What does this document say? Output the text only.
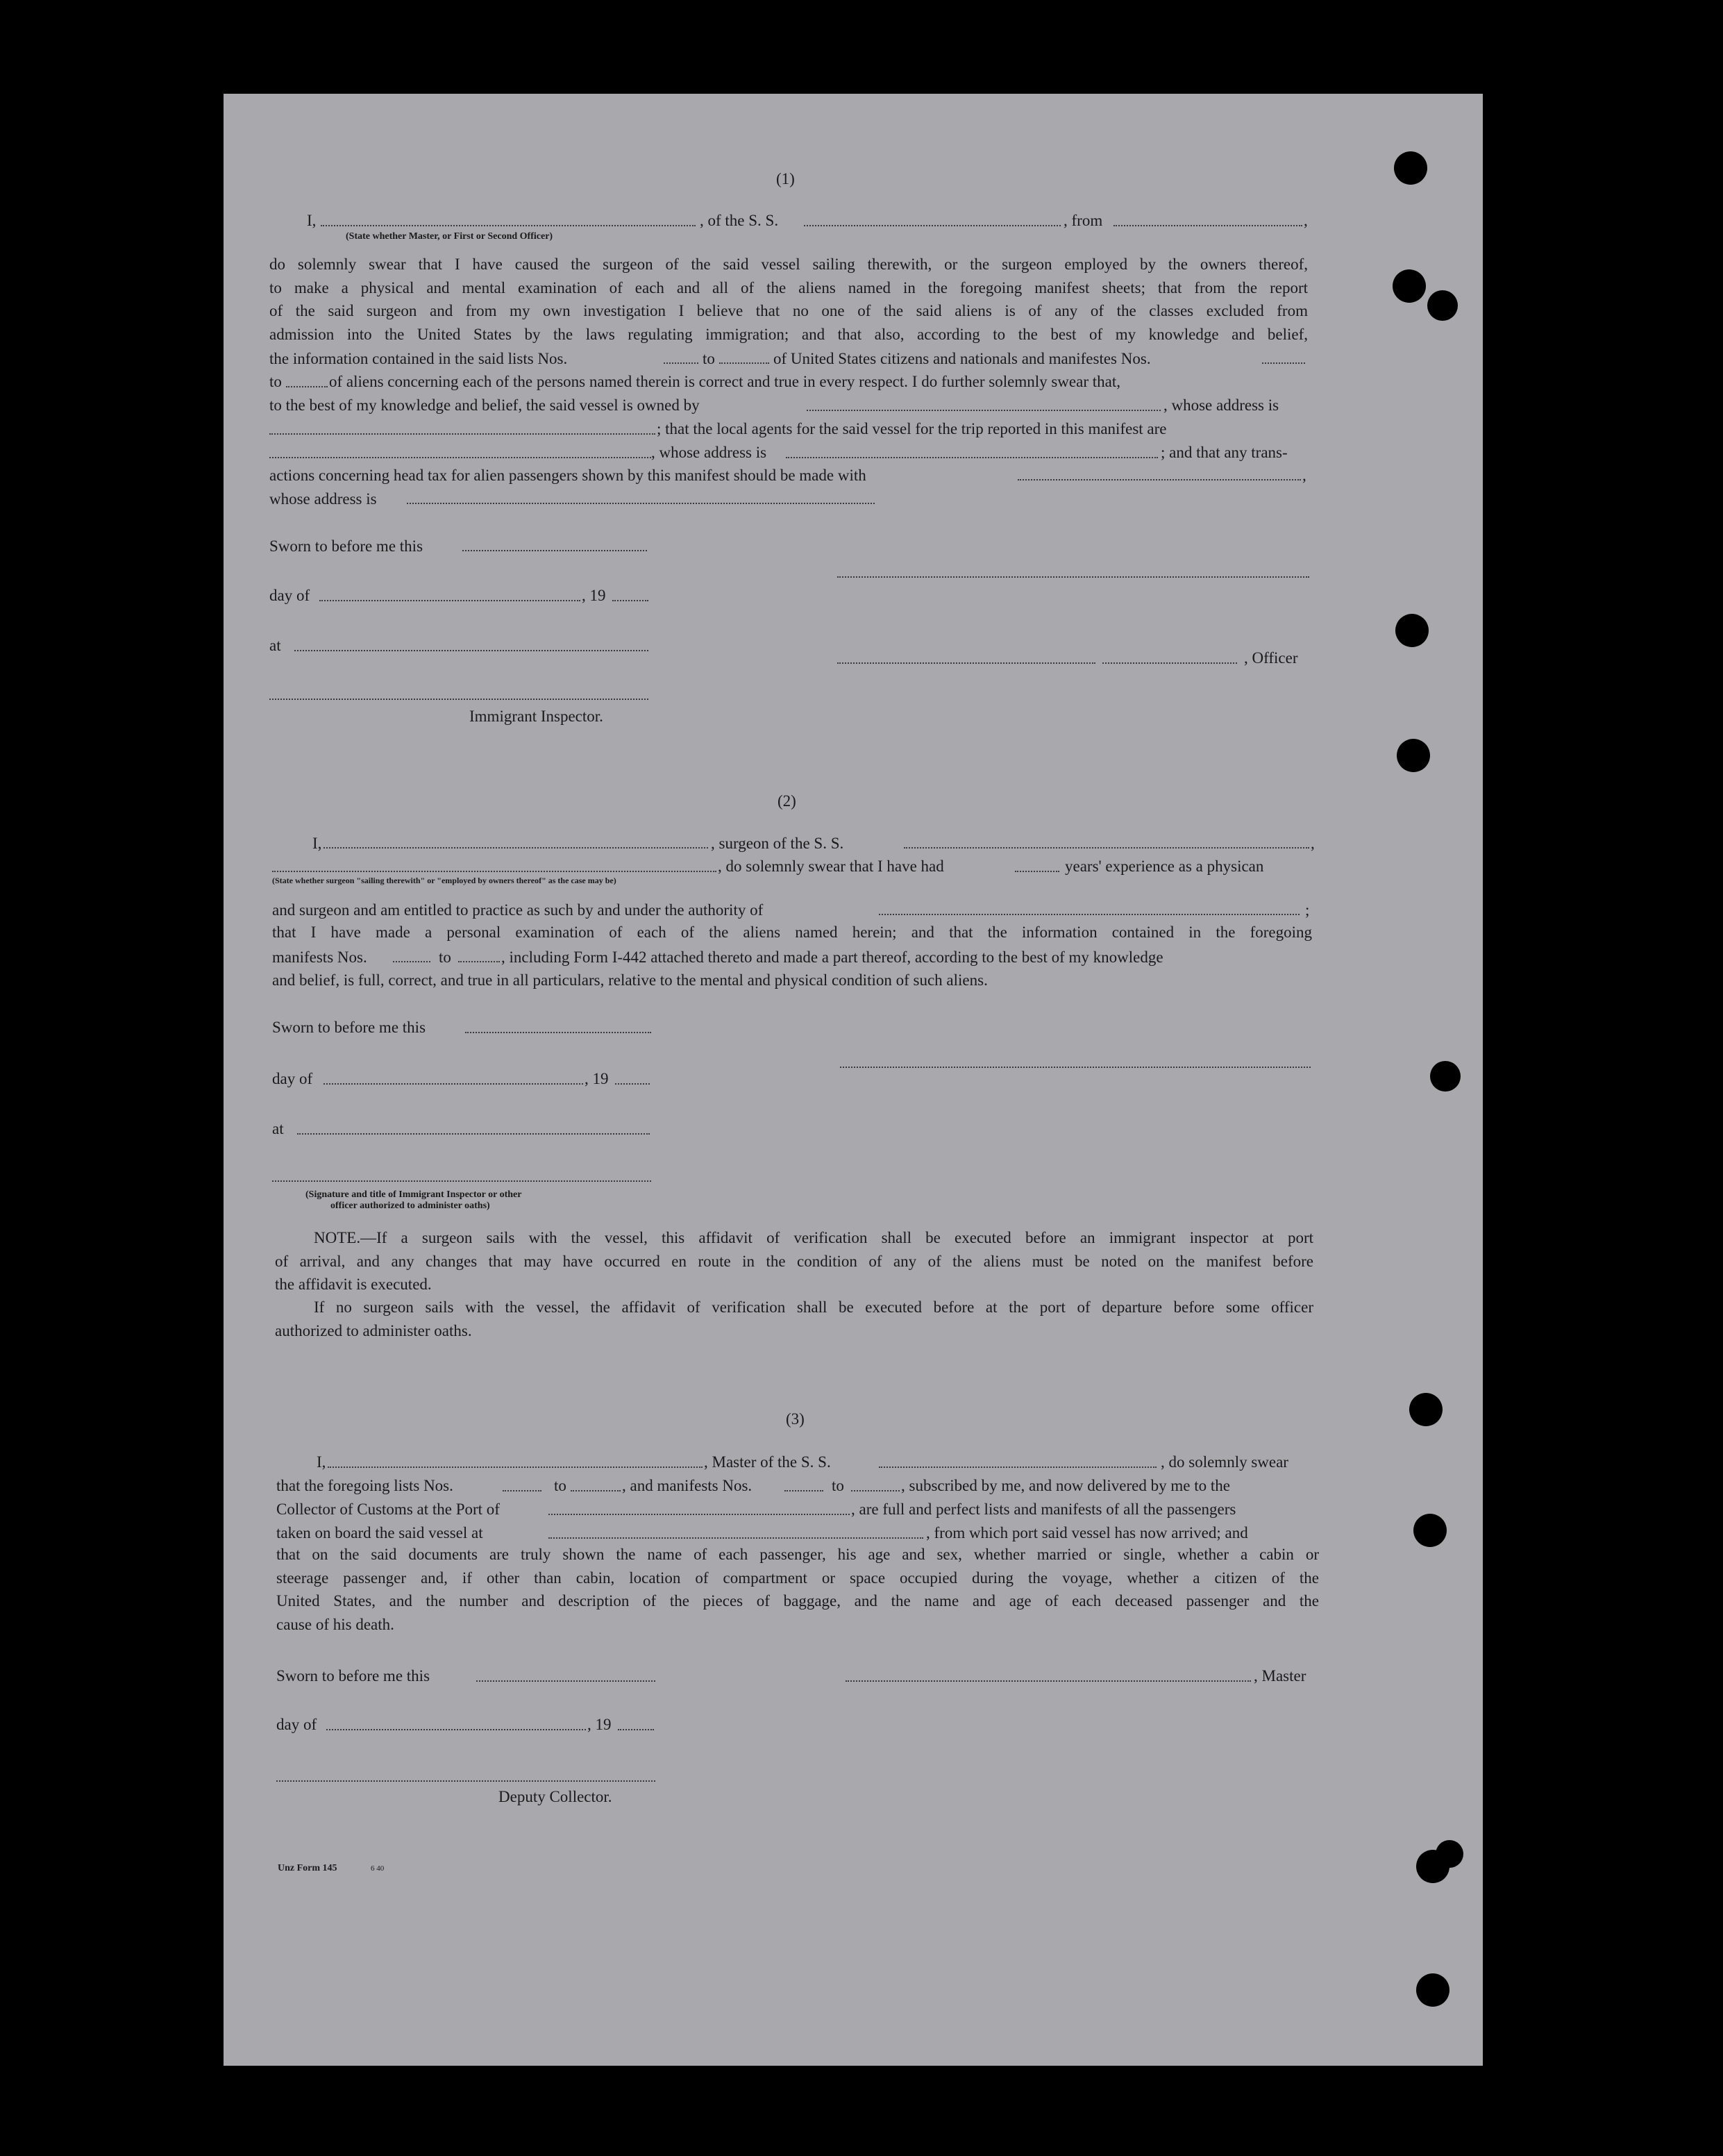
(1)
I,	, of the S. S.	, from	,
(State whether Master, or First or Second Officer)
do solemnly swear that I have caused the surgeon of the said vessel sailing therewith, or the surgeon employed by the owners thereof,
to make a physical and mental examination of each and all of the aliens named in the foregoing manifest sheets; that from the report
of the said surgeon and from my own investigation I believe that no one of the said aliens is of any of the classes excluded from
admission into the United States by the laws regulating immigration; and that also, according to the best of my knowledge and belief,
the information contained in the said lists Nos.	to	of United States citizens and nationals and manifestes Nos.
to	of aliens concerning each of the persons named therein is correct and true in every respect. I do further solemnly swear that,
to the best of my knowledge and belief, the said vessel is owned by	, whose address is
; that the local agents for the said vessel for the trip reported in this manifest are
, whose address is	; and that any trans-
actions concerning head tax for alien passengers shown by this manifest should be made with	,
whose address is
Sworn to before me this
day of	, 19
at
, Officer
Immigrant Inspector.
(2)
I,	, surgeon of the S. S.	,
, do solemnly swear that I have had	years' experience as a physican
(State whether surgeon "sailing therewith" or "employed by owners thereof" as the case may be)
and surgeon and am entitled to practice as such by and under the authority of	;
that I have made a personal examination of each of the aliens named herein; and that the information contained in the foregoing
manifests Nos.	to	, including Form I-442 attached thereto and made a part thereof, according to the best of my knowledge
and belief, is full, correct, and true in all particulars, relative to the mental and physical condition of such aliens.
Sworn to before me this
day of	, 19
at
(Signature and title of Immigrant Inspector or other
officer authorized to administer oaths)
NOTE.—If a surgeon sails with the vessel, this affidavit of verification shall be executed before an immigrant inspector at port
of arrival, and any changes that may have occurred en route in the condition of any of the aliens must be noted on the manifest before
the affidavit is executed.
If no surgeon sails with the vessel, the affidavit of verification shall be executed before at the port of departure before some officer
authorized to administer oaths.
(3)
I,	, Master of the S. S.	, do solemnly swear
that the foregoing lists Nos.	to	, and manifests Nos.	to	, subscribed by me, and now delivered by me to the
Collector of Customs at the Port of	, are full and perfect lists and manifests of all the passengers
taken on board the said vessel at	, from which port said vessel has now arrived; and
that on the said documents are truly shown the name of each passenger, his age and sex, whether married or single, whether a cabin or
steerage passenger and, if other than cabin, location of compartment or space occupied during the voyage, whether a citizen of the
United States, and the number and description of the pieces of baggage, and the name and age of each deceased passenger and the
cause of his death.
Sworn to before me this	, Master
day of	, 19
Deputy Collector.
Unz Form 145	6 40
